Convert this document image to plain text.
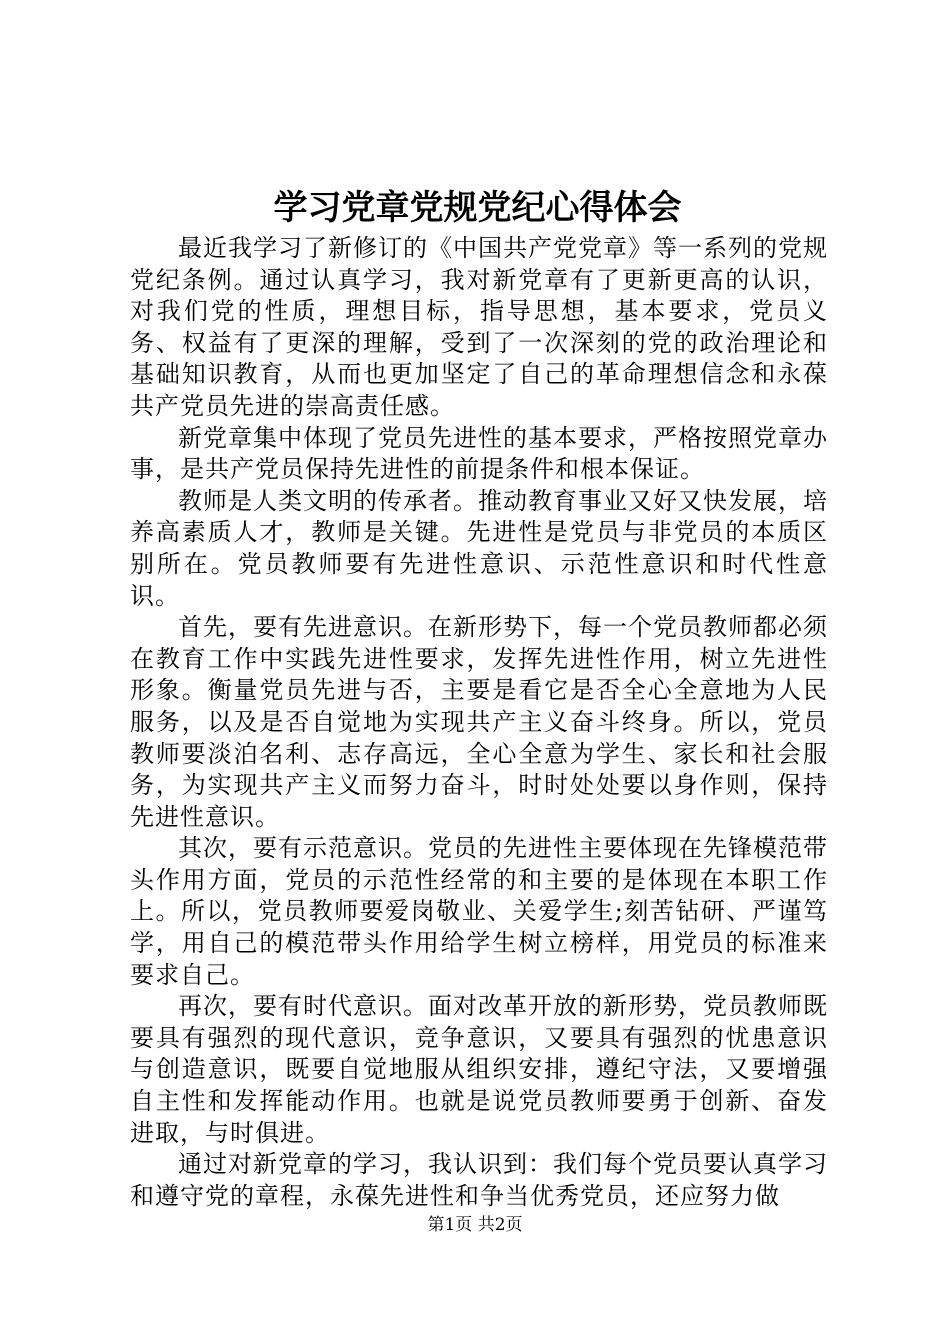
学习党章党规党纪心得体会

最近我学习了新修订的《中国共产党党章》等一系列的党规党纪条例。通过认真学习，我对新党章有了更新更高的认识，对我们党的性质，理想目标，指导思想，基本要求，党员义务、权益有了更深的理解，受到了一次深刻的党的政治理论和基础知识教育，从而也更加坚定了自己的革命理想信念和永葆共产党员先进的崇高责任感。

新党章集中体现了党员先进性的基本要求，严格按照党章办事，是共产党员保持先进性的前提条件和根本保证。

教师是人类文明的传承者。推动教育事业又好又快发展，培养高素质人才，教师是关键。先进性是党员与非党员的本质区别所在。党员教师要有先进性意识、示范性意识和时代性意识。

首先，要有先进意识。在新形势下，每一个党员教师都必须在教育工作中实践先进性要求，发挥先进性作用，树立先进性形象。衡量党员先进与否，主要是看它是否全心全意地为人民服务，以及是否自觉地为实现共产主义奋斗终身。所以，党员教师要淡泊名利、志存高远，全心全意为学生、家长和社会服务，为实现共产主义而努力奋斗，时时处处要以身作则，保持先进性意识。

其次，要有示范意识。党员的先进性主要体现在先锋模范带头作用方面，党员的示范性经常的和主要的是体现在本职工作上。所以，党员教师要爱岗敬业、关爱学生;刻苦钻研、严谨笃学，用自己的模范带头作用给学生树立榜样，用党员的标准来要求自己。

再次，要有时代意识。面对改革开放的新形势，党员教师既要具有强烈的现代意识，竞争意识，又要具有强烈的忧患意识与创造意识，既要自觉地服从组织安排，遵纪守法，又要增强自主性和发挥能动作用。也就是说党员教师要勇于创新、奋发进取，与时俱进。

通过对新党章的学习，我认识到：我们每个党员要认真学习和遵守党的章程，永葆先进性和争当优秀党员，还应努力做

第1页 共2页
